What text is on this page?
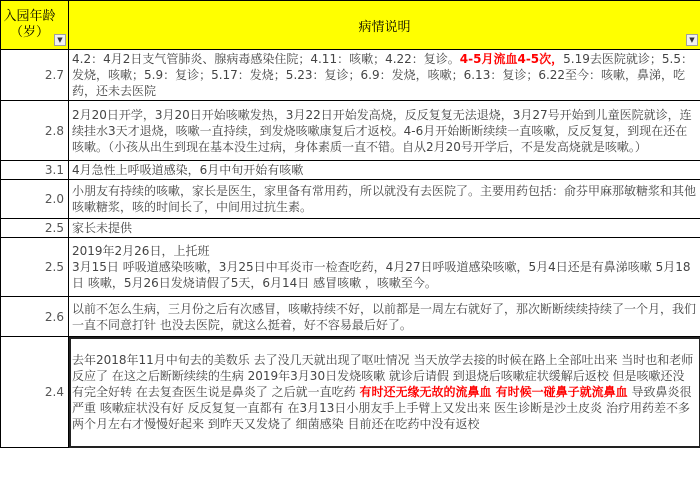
入园年龄（岁） ▼	病情说明
▼

2.7	4.2：4月2日支气管肺炎、腺病毒感染住院；4.11：咳嗽；4.22：复诊。4-5月流血4-5次，5.19去医院就诊；5.5：发烧，咳嗽；5.9：复诊；5.17：发烧；5.23：复诊；6.9：发烧，咳嗽；6.13：复诊；6.22至今：咳嗽，鼻涕，吃药，还未去医院
2.8	2月20日开学，3月20日开始咳嗽发热，3月22日开始发高烧，反反复复无法退烧，3月27号开始到儿童医院就诊，连续挂水3天才退烧，咳嗽一直持续，到发烧咳嗽康复后才返校。4-6月开始断断续续一直咳嗽，反反复复，到现在还在咳嗽。（小孩从出生到现在基本没生过病，身体素质一直不错。自从2月20号开学后，不是发高烧就是咳嗽。）
3.1	4月急性上呼吸道感染，6月中旬开始有咳嗽
2.0	小朋友有持续的咳嗽，家长是医生，家里备有常用药，所以就没有去医院了。主要用药包括：俞芬甲麻那敏糖浆和其他咳嗽糖浆，咳的时间长了，中间用过抗生素。
2.5	家长未提供
2.5	2019年2月26日，上托班
3月15日 呼吸道感染咳嗽，3月25日中耳炎市一检查吃药，4月27日呼吸道感染咳嗽，5月4日还是有鼻涕咳嗽 5月18日 咳嗽，5月26日发烧请假了5天，6月14日 感冒咳嗽 ，咳嗽至今。
2.6	以前不怎么生病，三月份之后有次感冒，咳嗽持续不好，以前都是一周左右就好了，那次断断续续持续了一个月，我们一直不同意打针 也没去医院，就这么挺着，好不容易最后好了。
2.4	去年2018年11月中旬去的美数乐 去了没几天就出现了呕吐情况 当天放学去接的时候在路上全部吐出来 当时也和老师反应了 在这之后断断续续的生病 2019年3月30日发烧咳嗽 就诊后请假 到退烧后咳嗽症状缓解后返校 但是咳嗽还没有完全好转 在去复查医生说是鼻炎了 之后就一直吃药 有时还无缘无故的流鼻血 有时候一碰鼻子就流鼻血 导致鼻炎很严重 咳嗽症状没有好 反反复复一直都有 在3月13日小朋友手上手臂上又发出来 医生诊断是沙土皮炎 治疗用药差不多两个月左右才慢慢好起来 到昨天又发烧了 细菌感染 目前还在吃药中没有返校
